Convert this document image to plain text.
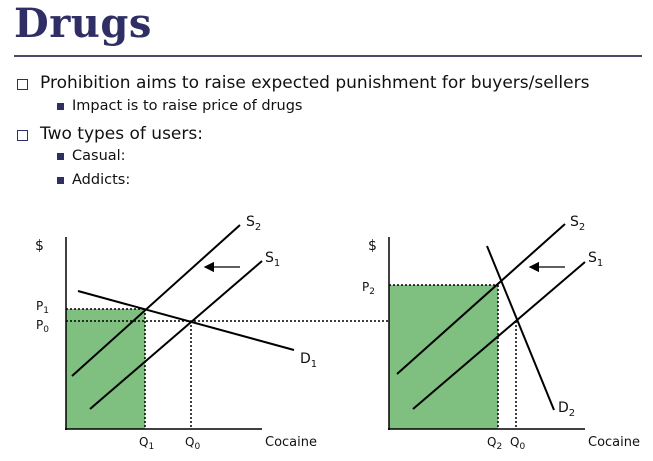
Drugs
Prohibition aims to raise expected punishment for buyers/sellers
Impact is to raise price of drugs
Two types of users:
Casual:
Addicts:
$
Cocaine
$P_1$
$P_0$
$Q_1$	$Q_0$
$S_2$
$S_1$
$D_1$
$
Cocaine
$P_2$
$Q_2$ $Q_0$
$S_2$
$S_1$
$D_2$
